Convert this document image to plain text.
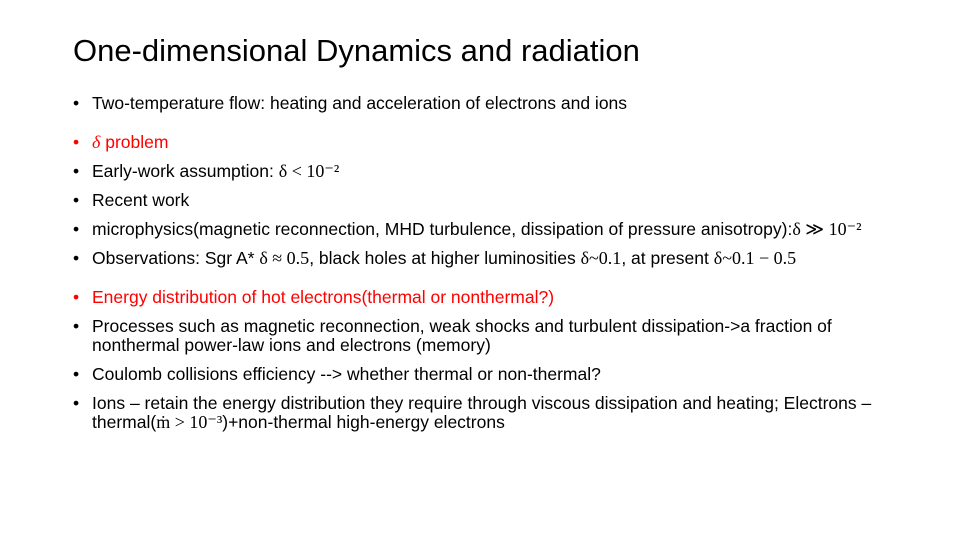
One-dimensional Dynamics and radiation
• Two-temperature flow: heating and acceleration of electrons and ions
• δ problem
• Early-work assumption: δ < 10⁻²
• Recent work
• microphysics(magnetic reconnection, MHD turbulence, dissipation of pressure anisotropy):δ ≫ 10⁻²
• Observations: Sgr A* δ ≈ 0.5, black holes at higher luminosities δ~0.1, at present δ~0.1 − 0.5
• Energy distribution of hot electrons(thermal or nonthermal?)
• Processes such as magnetic reconnection, weak shocks and turbulent dissipation->a fraction of nonthermal power-law ions and electrons (memory)
• Coulomb collisions efficiency --> whether thermal or non-thermal?
• Ions – retain the energy distribution they require through viscous dissipation and heating; Electrons – thermal(ṁ > 10⁻³)+non-thermal high-energy electrons
